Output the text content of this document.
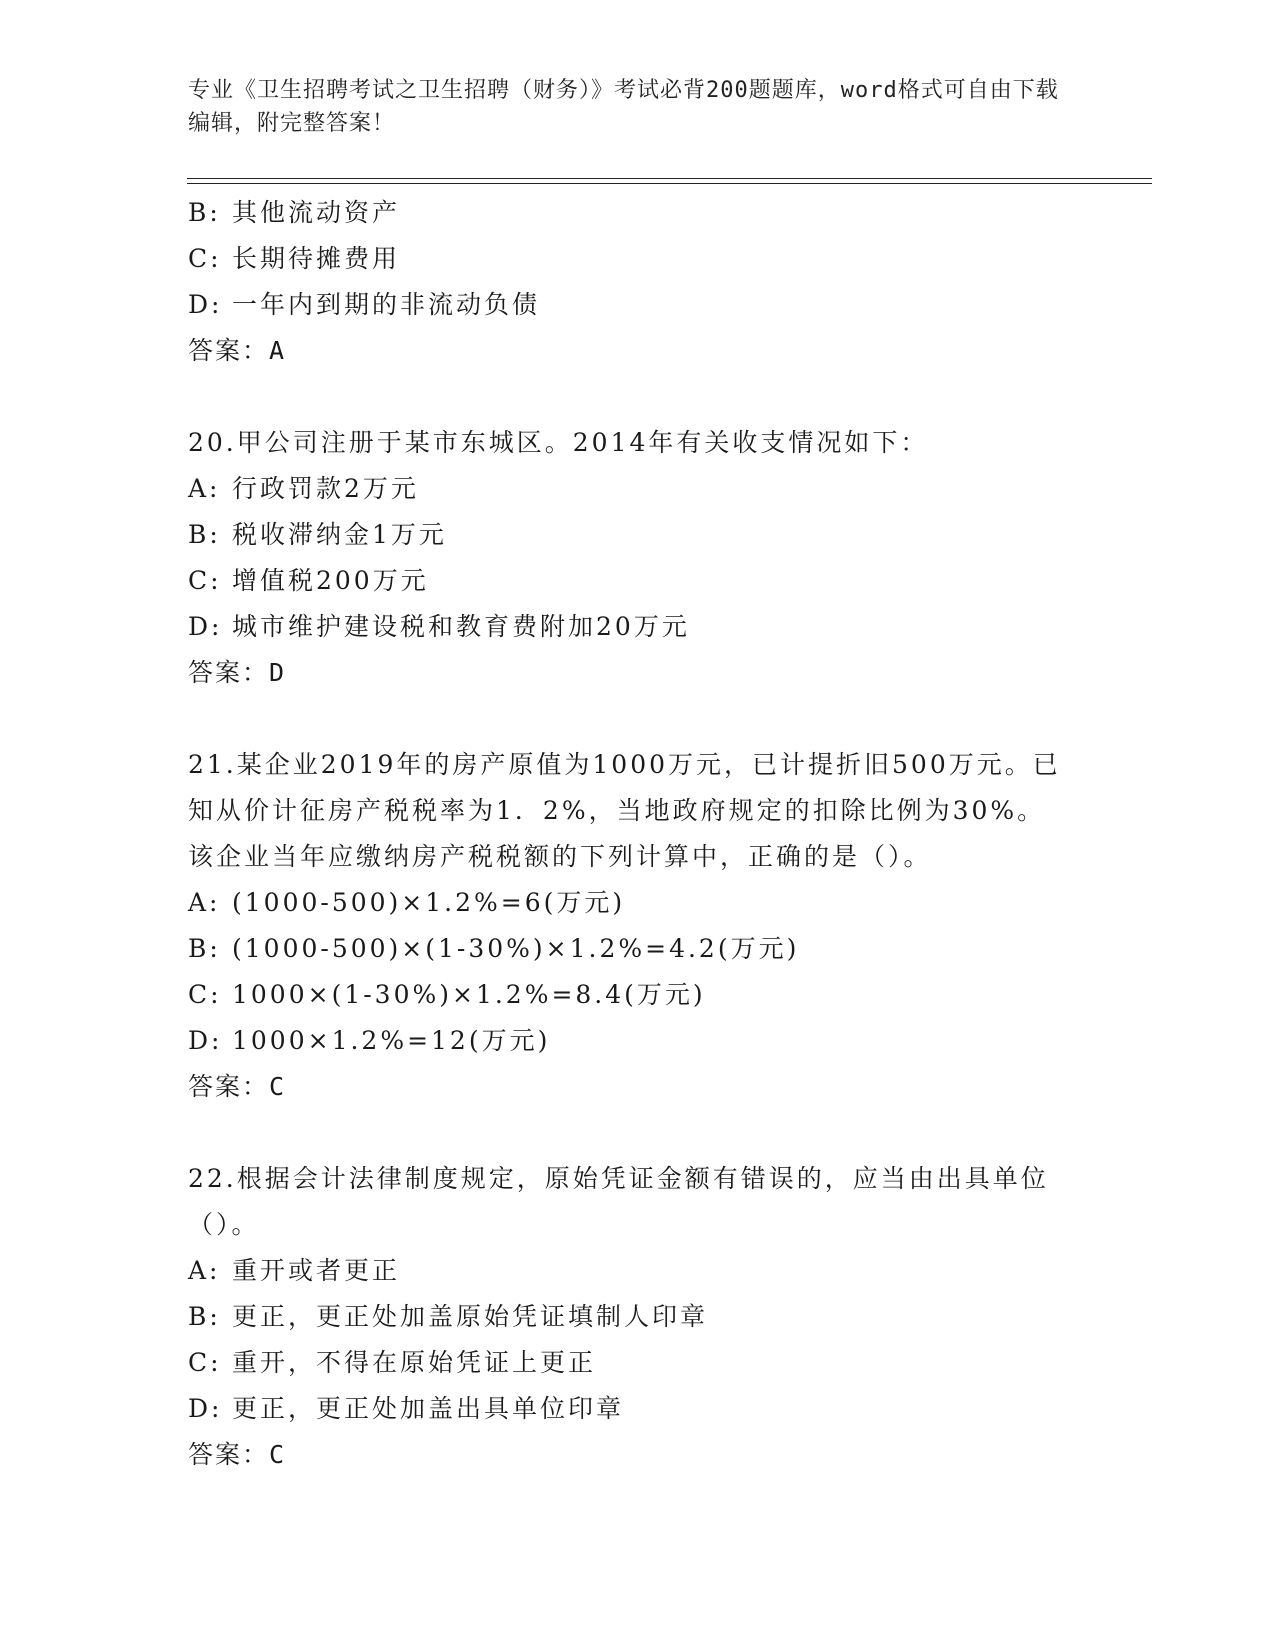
专业《卫生招聘考试之卫生招聘（财务）》考试必背200题题库，word格式可自由下载编辑，附完整答案！
B: 其他流动资产
C: 长期待摊费用
D: 一年内到期的非流动负债
答案：A
20.甲公司注册于某市东城区。2014年有关收支情况如下：
A: 行政罚款2万元
B: 税收滞纳金1万元
C: 增值税200万元
D: 城市维护建设税和教育费附加20万元
答案：D
21.某企业2019年的房产原值为1000万元，已计提折旧500万元。已
知从价计征房产税税率为1．2%，当地政府规定的扣除比例为30%。
该企业当年应缴纳房产税税额的下列计算中，正确的是（）。
A: (1000-500)×1.2%=6(万元)
B: (1000-500)×(1-30%)×1.2%=4.2(万元)
C: 1000×(1-30%)×1.2%=8.4(万元)
D: 1000×1.2%=12(万元)
答案：C
22.根据会计法律制度规定，原始凭证金额有错误的，应当由出具单位
（）。
A: 重开或者更正
B: 更正，更正处加盖原始凭证填制人印章
C: 重开，不得在原始凭证上更正
D: 更正，更正处加盖出具单位印章
答案：C
